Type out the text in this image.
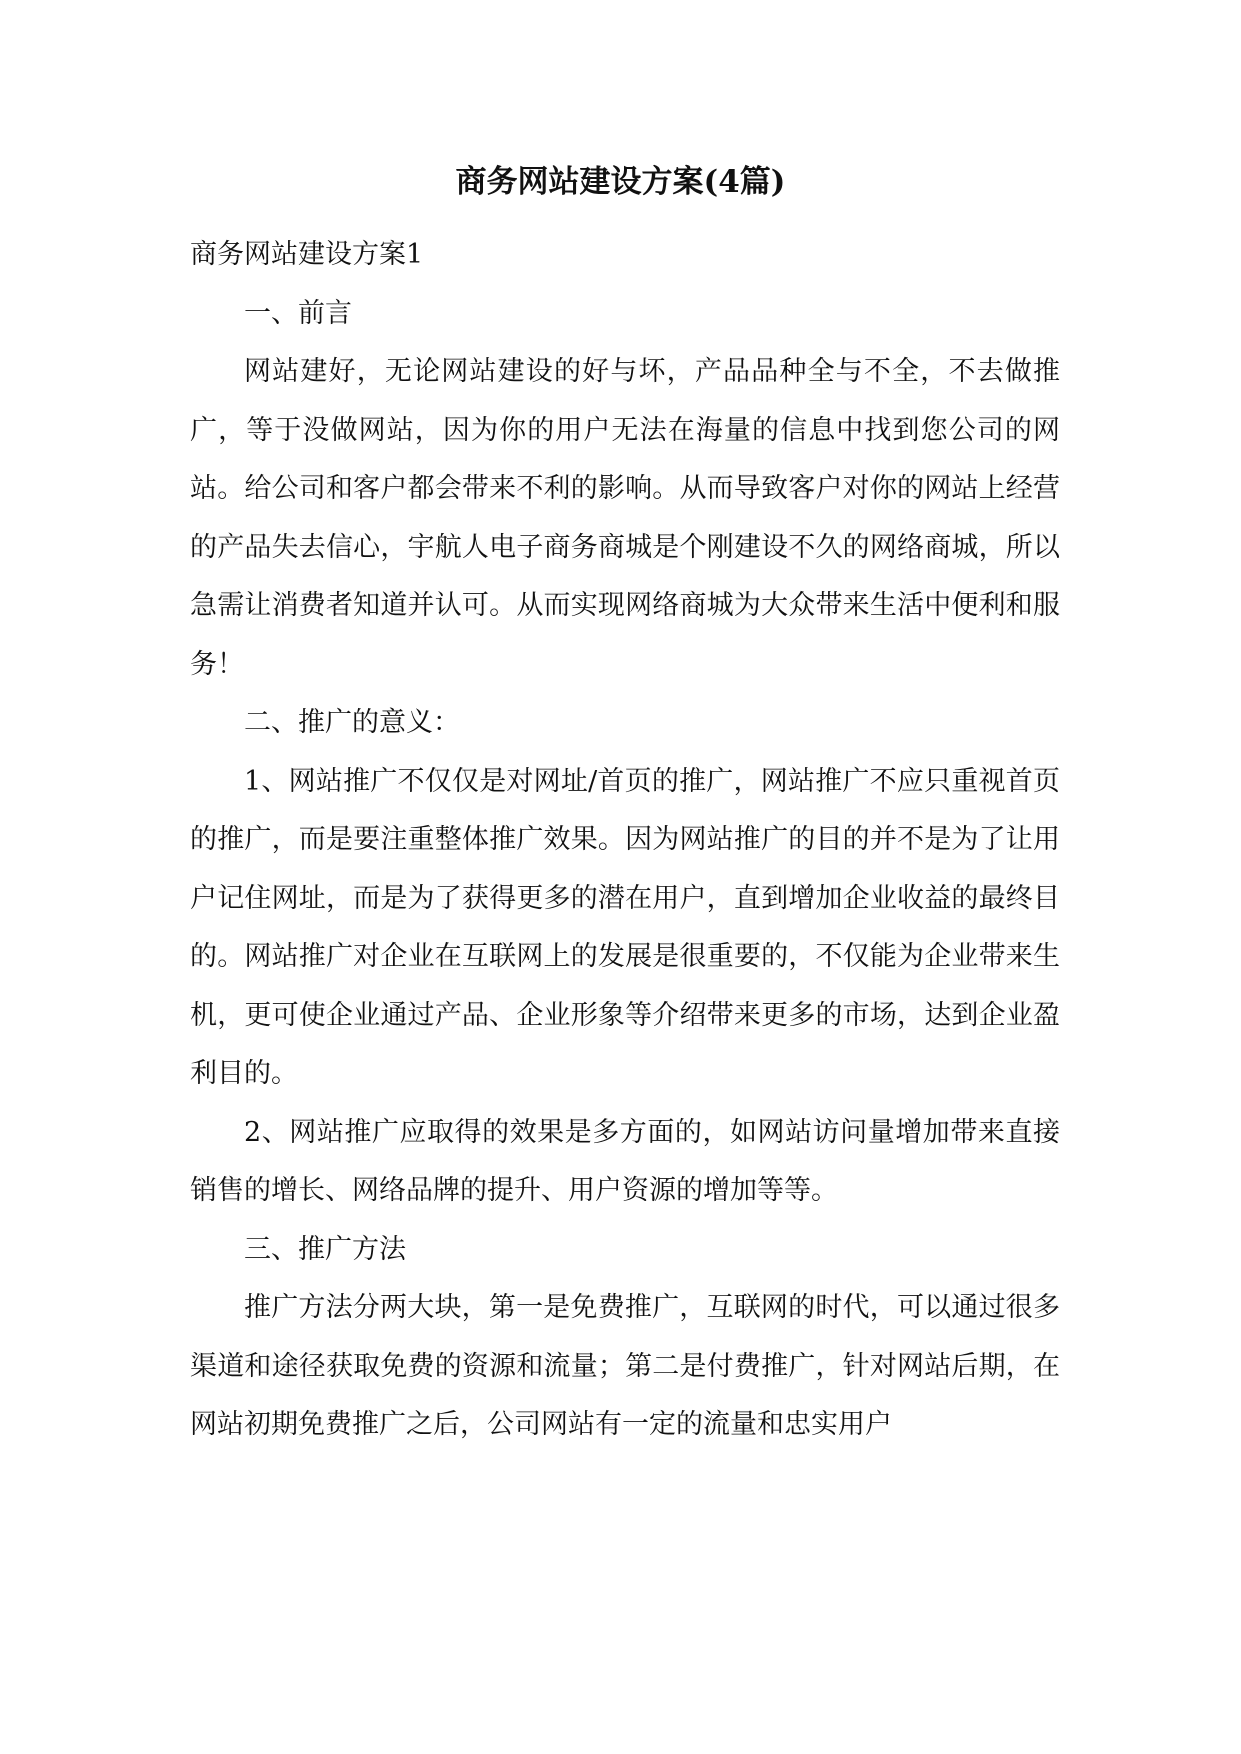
商务网站建设方案(4篇)

商务网站建设方案1

一、前言

网站建好，无论网站建设的好与坏，产品品种全与不全，不去做推广，等于没做网站，因为你的用户无法在海量的信息中找到您公司的网站。给公司和客户都会带来不利的影响。从而导致客户对你的网站上经营的产品失去信心，宇航人电子商务商城是个刚建设不久的网络商城，所以急需让消费者知道并认可。从而实现网络商城为大众带来生活中便利和服务！

二、推广的意义：

1、网站推广不仅仅是对网址/首页的推广，网站推广不应只重视首页的推广，而是要注重整体推广效果。因为网站推广的目的并不是为了让用户记住网址，而是为了获得更多的潜在用户，直到增加企业收益的最终目的。网站推广对企业在互联网上的发展是很重要的，不仅能为企业带来生机，更可使企业通过产品、企业形象等介绍带来更多的市场，达到企业盈利目的。

2、网站推广应取得的效果是多方面的，如网站访问量增加带来直接销售的增长、网络品牌的提升、用户资源的增加等等。

三、推广方法

推广方法分两大块，第一是免费推广，互联网的时代，可以通过很多渠道和途径获取免费的资源和流量；第二是付费推广，针对网站后期，在网站初期免费推广之后，公司网站有一定的流量和忠实用户
